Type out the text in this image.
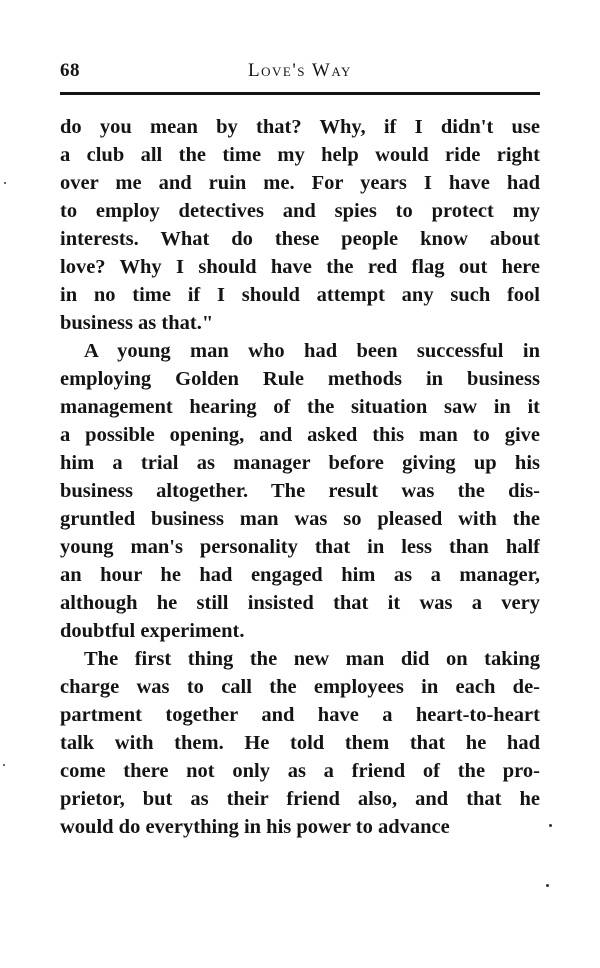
68	Love's Way
do you mean by that? Why, if I didn't use
a club all the time my help would ride right
over me and ruin me. For years I have had
to employ detectives and spies to protect my
interests. What do these people know about
love? Why I should have the red flag out here
in no time if I should attempt any such fool
business as that."
A young man who had been successful in
employing Golden Rule methods in business
management hearing of the situation saw in it
a possible opening, and asked this man to give
him a trial as manager before giving up his
business altogether. The result was the dis-
gruntled business man was so pleased with the
young man's personality that in less than half
an hour he had engaged him as a manager,
although he still insisted that it was a very
doubtful experiment.
The first thing the new man did on taking
charge was to call the employees in each de-
partment together and have a heart-to-heart
talk with them. He told them that he had
come there not only as a friend of the pro-
prietor, but as their friend also, and that he
would do everything in his power to advance
